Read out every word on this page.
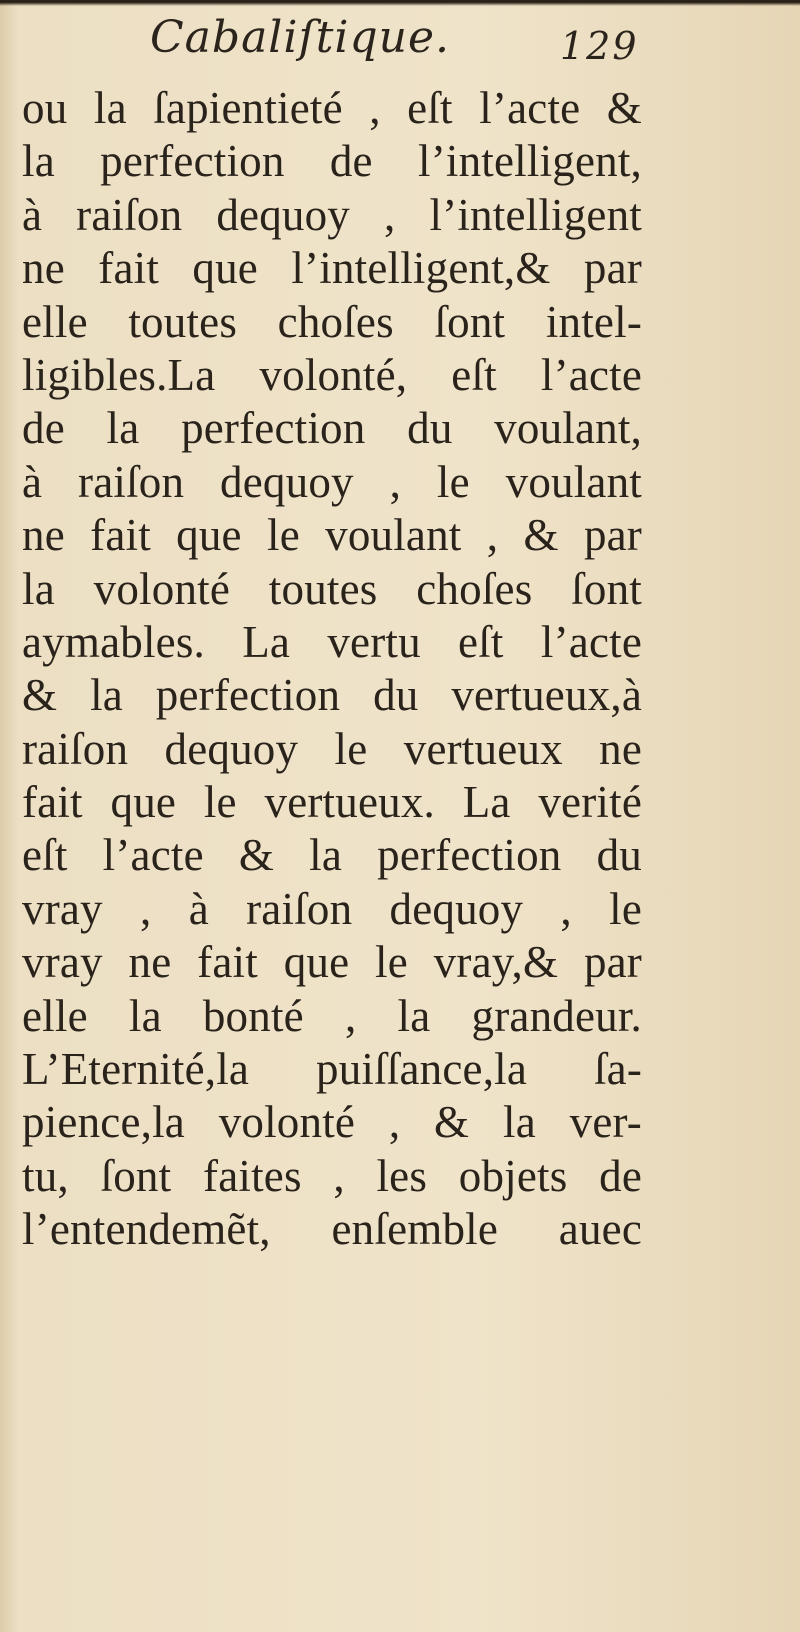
Cabaliſtique.	129
ou la ſapientieté , eſt l’acte &
la perfection de l’intelligent,
à raiſon dequoy , l’intelligent
ne fait que l’intelligent,& par
elle toutes choſes ſont intel-
ligibles.La volonté, eſt l’acte
de la perfection du voulant,
à raiſon dequoy , le voulant
ne fait que le voulant , & par
la volonté toutes choſes ſont
aymables. La vertu eſt l’acte
& la perfection du vertueux,à
raiſon dequoy le vertueux ne
fait que le vertueux. La verité
eſt l’acte & la perfection du
vray , à raiſon dequoy , le
vray ne fait que le vray,& par
elle la bonté , la grandeur.
L’Eternité,la puiſſance,la ſa-
pience,la volonté , & la ver-
tu, ſont faites , les objets de
l’entendemẽt, enſemble auec
